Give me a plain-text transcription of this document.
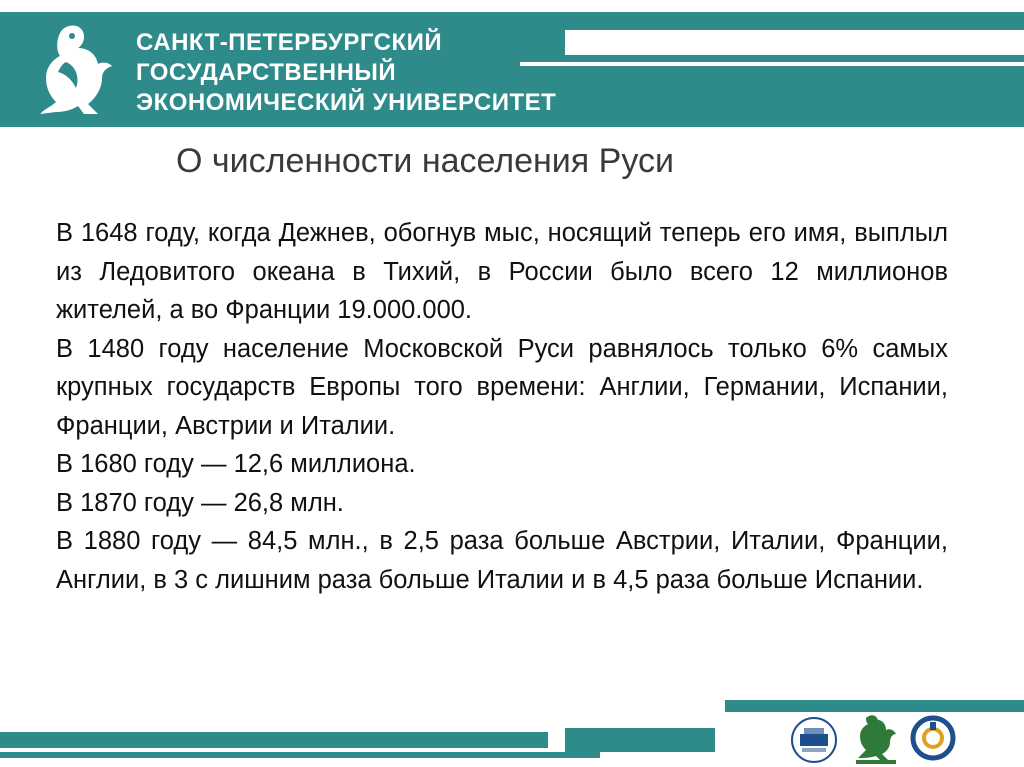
САНКТ-ПЕТЕРБУРГСКИЙ
ГОСУДАРСТВЕННЫЙ
ЭКОНОМИЧЕСКИЙ УНИВЕРСИТЕТ
О численности населения Руси

В 1648 году, когда Дежнев, обогнув мыс, носящий теперь его имя, выплыл из Ледовитого океана в Тихий, в России было всего 12 миллионов жителей, а во Франции 19.000.000.

В 1480 году население Московской Руси равнялось только 6% самых крупных государств Европы того времени: Англии, Германии, Испании, Франции, Австрии и Италии.

В 1680 году — 12,6 миллиона.

В 1870 году — 26,8 млн.

В 1880 году — 84,5 млн., в 2,5 раза больше Австрии, Италии, Франции, Англии, в 3 с лишним раза больше Италии и в 4,5 раза больше Испании.
